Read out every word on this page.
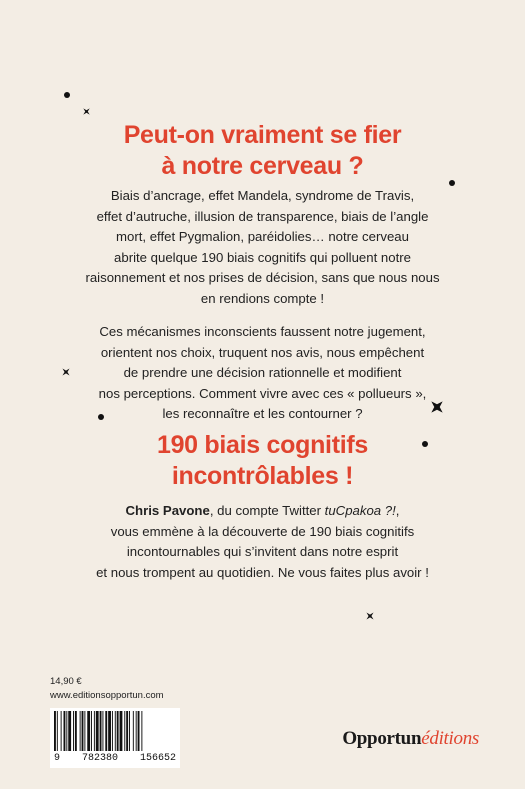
Peut-on vraiment se fier
à notre cerveau ?
Biais d’ancrage, effet Mandela, syndrome de Travis,
effet d’autruche, illusion de transparence, biais de l’angle
mort, effet Pygmalion, paréidolies… notre cerveau
abrite quelque 190 biais cognitifs qui polluent notre
raisonnement et nos prises de décision, sans que nous nous
en rendions compte !
Ces mécanismes inconscients faussent notre jugement,
orientent nos choix, truquent nos avis, nous empêchent
de prendre une décision rationnelle et modifient
nos perceptions. Comment vivre avec ces « pollueurs »,
les reconnaître et les contourner ?
190 biais cognitifs
incontrôlables !
Chris Pavone, du compte Twitter tuCpakoa ?!,
vous emmène à la découverte de 190 biais cognitifs
incontournables qui s’invitent dans notre esprit
et nous trompent au quotidien. Ne vous faites plus avoir !
14,90 €
www.editionsopportun.com
9 782380 156652
Opportunéditions
